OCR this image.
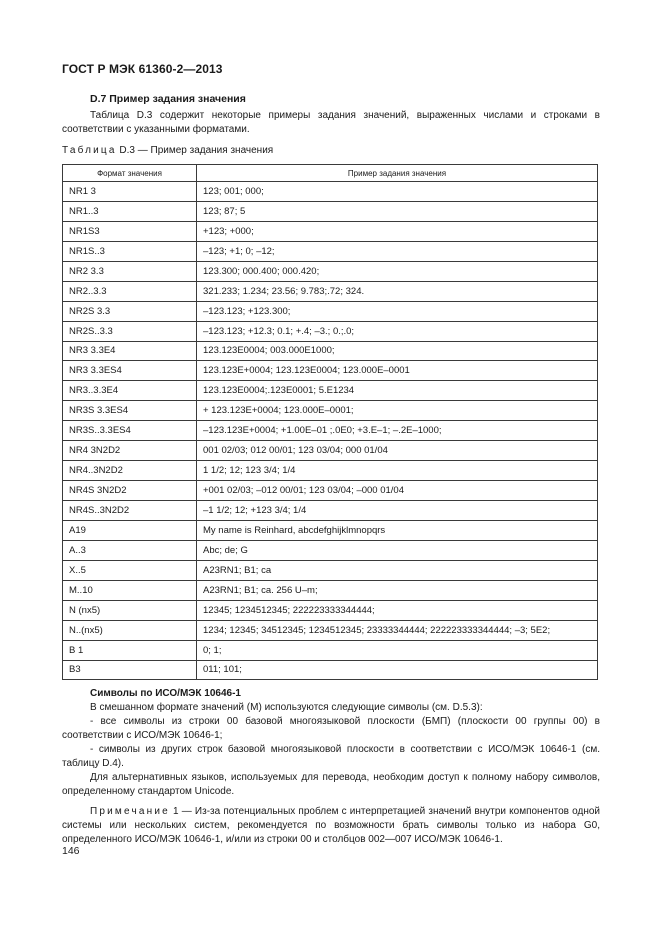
ГОСТ Р МЭК 61360-2—2013
D.7 Пример задания значения
Таблица D.3 содержит некоторые примеры задания значений, выраженных числами и строками в соответствии с указанными форматами.
Таблица D.3 — Пример задания значения
Формат значения	Пример задания значения
NR1 3	123; 001; 000;
NR1..3	123; 87; 5
NR1S3	+123; +000;
NR1S..3	–123; +1; 0; –12;
NR2 3.3	123.300; 000.400; 000.420;
NR2..3.3	321.233; 1.234; 23.56; 9.783;.72; 324.
NR2S 3.3	–123.123; +123.300;
NR2S..3.3	–123.123; +12.3; 0.1; +.4; –3.; 0.;.0;
NR3 3.3E4	123.123E0004; 003.000E1000;
NR3 3.3ES4	123.123E+0004; 123.123E0004; 123.000E–0001
NR3..3.3E4	123.123E0004;.123E0001; 5.E1234
NR3S 3.3ES4	+ 123.123E+0004; 123.000E–0001;
NR3S..3.3ES4	–123.123E+0004; +1.00E–01 ;.0E0; +3.E–1; –.2E–1000;
NR4 3N2D2	001 02/03; 012 00/01; 123 03/04; 000 01/04
NR4..3N2D2	1 1/2; 12; 123 3/4; 1/4
NR4S 3N2D2	+001 02/03; –012 00/01; 123 03/04; –000 01/04
NR4S..3N2D2	–1 1/2; 12; +123 3/4; 1/4
A19	My name is Reinhard, abcdefghijklmnopqrs
A..3	Abc; de; G
X..5	A23RN1; B1; ca
M..10	A23RN1; B1; ca. 256 U–m;
N (nx5)	12345; 1234512345; 222223333344444;
N..(nx5)	1234; 12345; 34512345; 1234512345; 23333344444; 222223333344444; –3; 5E2;
B 1	0; 1;
B3	011; 101;
Символы по ИСО/МЭК 10646-1

В смешанном формате значений (M) используются следующие символы (см. D.5.3):

- все символы из строки 00 базовой многоязыковой плоскости (БМП) (плоскости 00 группы 00) в соответствии с ИСО/МЭК 10646-1;

- символы из других строк базовой многоязыковой плоскости в соответствии с ИСО/МЭК 10646-1 (см. таблицу D.4).

Для альтернативных языков, используемых для перевода, необходим доступ к полному набору символов, определенному стандартом Unicode.

Примечание 1 — Из-за потенциальных проблем с интерпретацией значений внутри компонентов одной системы или нескольких систем, рекомендуется по возможности брать символы только из набора G0, определенного ИСО/МЭК 10646-1, и/или из строки 00 и столбцов 002—007 ИСО/МЭК 10646-1.

146
